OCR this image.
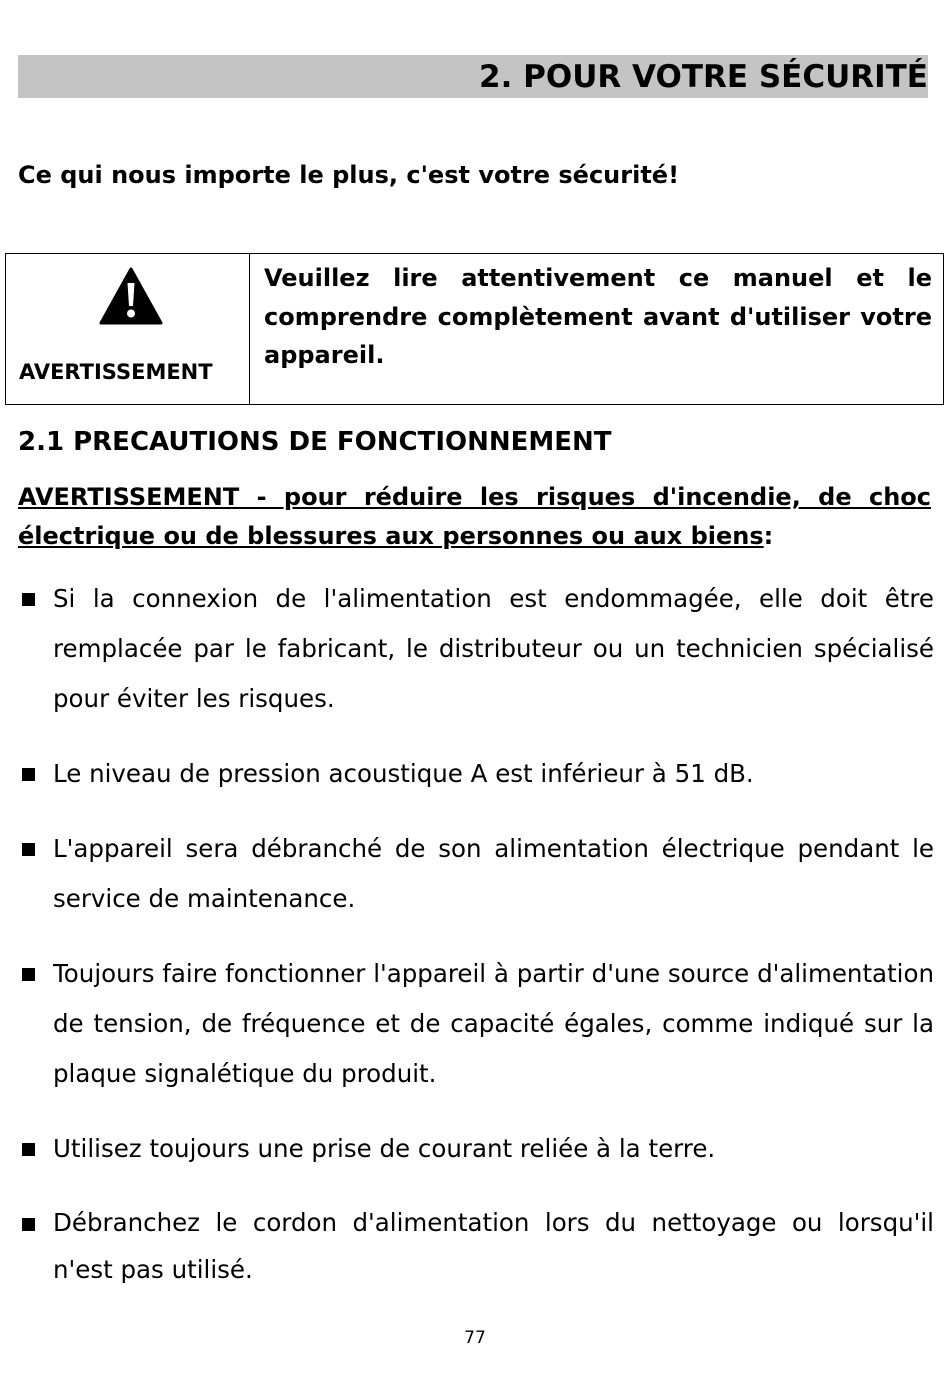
2. POUR VOTRE SÉCURITÉ
Ce qui nous importe le plus, c'est votre sécurité!
AVERTISSEMENT
Veuillez lire attentivement ce manuel et le comprendre complètement avant d'utiliser votre appareil.
2.1 PRECAUTIONS DE FONCTIONNEMENT
AVERTISSEMENT - pour réduire les risques d'incendie, de choc électrique ou de blessures aux personnes ou aux biens:
Si la connexion de l'alimentation est endommagée, elle doit être remplacée par le fabricant, le distributeur ou un technicien spécialisé pour éviter les risques.
Le niveau de pression acoustique A est inférieur à 51 dB.
L'appareil sera débranché de son alimentation électrique pendant le service de maintenance.
Toujours faire fonctionner l'appareil à partir d'une source d'alimentation de tension, de fréquence et de capacité égales, comme indiqué sur la plaque signalétique du produit.
Utilisez toujours une prise de courant reliée à la terre.
Débranchez le cordon d'alimentation lors du nettoyage ou lorsqu'il n'est pas utilisé.
77
